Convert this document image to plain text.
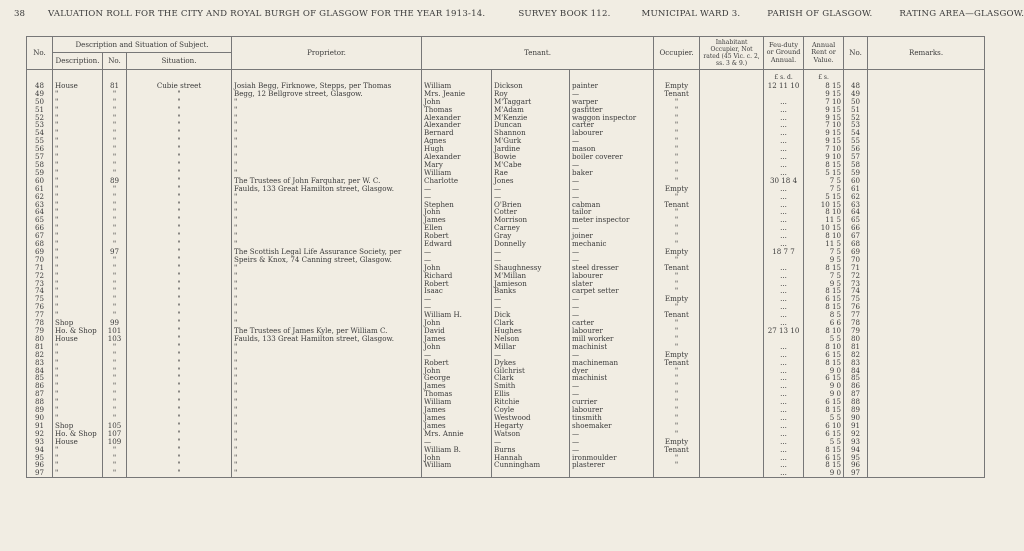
38	VALUATION ROLL FOR THE CITY AND ROYAL BURGH OF GLASGOW FOR THE YEAR 1913-14.	SURVEY BOOK 112.	MUNICIPAL WARD 3.	PARISH OF GLASGOW.	RATING AREA—GLASGOW.
No.	Description and Situation of Subject.			Proprietor.	Tenant.			Occupier.	Inhabitant Occupier, Not rated (45 Vic. c. 2, ss. 3 & 9.)	Feu-duty or Ground Annual.	Annual Rent or Value.	No.	Remarks.
	Description.	No.	Situation.										
										£ s. d.	£ s.		
48	House	81	Cubie street	Josiah Begg, Firknowe, Stepps, per Thomas	William	Dickson	painter	Empty		12 11 10	8 15	48	
49	"	"	"	Begg, 12 Bellgrove street, Glasgow.	Mrs. Jeanie	Roy	—	Tenant			9 15	49	
50	"	"	"	"	John	M'Taggart	warper	"		...	7 10	50	
51	"	"	"	"	Thomas	M'Adam	gasfitter	"		...	9 15	51	
52	"	"	"	"	Alexander	M'Kenzie	waggon inspector	"		...	9 15	52	
53	"	"	"	"	Alexander	Duncan	carter	"		...	7 10	53	
54	"	"	"	"	Bernard	Shannon	labourer	"		...	9 15	54	
55	"	"	"	"	Agnes	M'Gurk	—	"		...	9 15	55	
56	"	"	"	"	Hugh	Jardine	mason	"		...	7 10	56	
57	"	"	"	"	Alexander	Bowie	boiler coverer	"		...	9 10	57	
58	"	"	"	"	Mary	M'Cabe	—	"		...	8 15	58	
59	"	"	"	"	William	Rae	baker	"		...	5 15	59	
60	"	89	"	The Trustees of John Farquhar, per W. C.	Charlotte	Jones	—	"		30 18 4	7 5	60	
61	"	"	"	Faulds, 133 Great Hamilton street, Glasgow.	—	—	—	Empty		...	7 5	61	
62	"	"	"	"	—	—	—	"		...	5 15	62	
63	"	"	"	"	Stephen	O'Brien	cabman	Tenant		...	10 15	63	
64	"	"	"	"	John	Cotter	tailor	"		...	8 10	64	
65	"	"	"	"	James	Morrison	meter inspector	"		...	11 5	65	
66	"	"	"	"	Ellen	Carney	—	"		...	10 15	66	
67	"	"	"	"	Robert	Gray	joiner	"		...	8 10	67	
68	"	"	"	"	Edward	Donnelly	mechanic	"		...	11 5	68	
69	"	97	"	The Scottish Legal Life Assurance Society, per	—	—	—	Empty		18 7 7	7 5	69	
70	"	"	"	Speirs & Knox, 74 Canning street, Glasgow.	—	—	—	"			9 5	70	
71	"	"	"	"	John	Shaughnessy	steel dresser	Tenant		...	8 15	71	
72	"	"	"	"	Richard	M'Millan	labourer	"		...	7 5	72	
73	"	"	"	"	Robert	Jamieson	slater	"		...	9 5	73	
74	"	"	"	"	Isaac	Banks	carpet setter	"		...	8 15	74	
75	"	"	"	"	—	—	—	Empty		...	6 15	75	
76	"	"	"	"	—	—	—	"		...	8 15	76	
77	"	"	"	"	William H.	Dick	—	Tenant		...	8 5	77	
78	Shop	99	"	"	John	Clark	carter	"		...	6 6	78	
79	Ho. & Shop	101	"	The Trustees of James Kyle, per William C.	David	Hughes	labourer	"		27 13 10	8 10	79	
80	House	103	"	Faulds, 133 Great Hamilton street, Glasgow.	James	Nelson	mill worker	"			5 5	80	
81	"	"	"	"	John	Millar	machinist	"		...	8 10	81	
82	"	"	"	"	—	—	—	Empty		...	6 15	82	
83	"	"	"	"	Robert	Dykes	machineman	Tenant		...	8 15	83	
84	"	"	"	"	John	Gilchrist	dyer	"		...	9 0	84	
85	"	"	"	"	George	Clark	machinist	"		...	6 15	85	
86	"	"	"	"	James	Smith	—	"		...	9 0	86	
87	"	"	"	"	Thomas	Ellis	—	"		...	9 0	87	
88	"	"	"	"	William	Ritchie	currier	"		...	6 15	88	
89	"	"	"	"	James	Coyle	labourer	"		...	8 15	89	
90	"	"	"	"	James	Westwood	tinsmith	"		...	5 5	90	
91	Shop	105	"	"	James	Hegarty	shoemaker	"		...	6 10	91	
92	Ho. & Shop	107	"	"	Mrs. Annie	Watson	—	"		...	6 15	92	
93	House	109	"	"	—	—	—	Empty		...	5 5	93	
94	"	"	"	"	William B.	Burns	—	Tenant		...	8 15	94	
95	"	"	"	"	John	Hannah	ironmoulder	"		...	6 15	95	
96	"	"	"	"	William	Cunningham	plasterer	"		...	8 15	96	
97	"	"	"	"						...	9 0	97	
